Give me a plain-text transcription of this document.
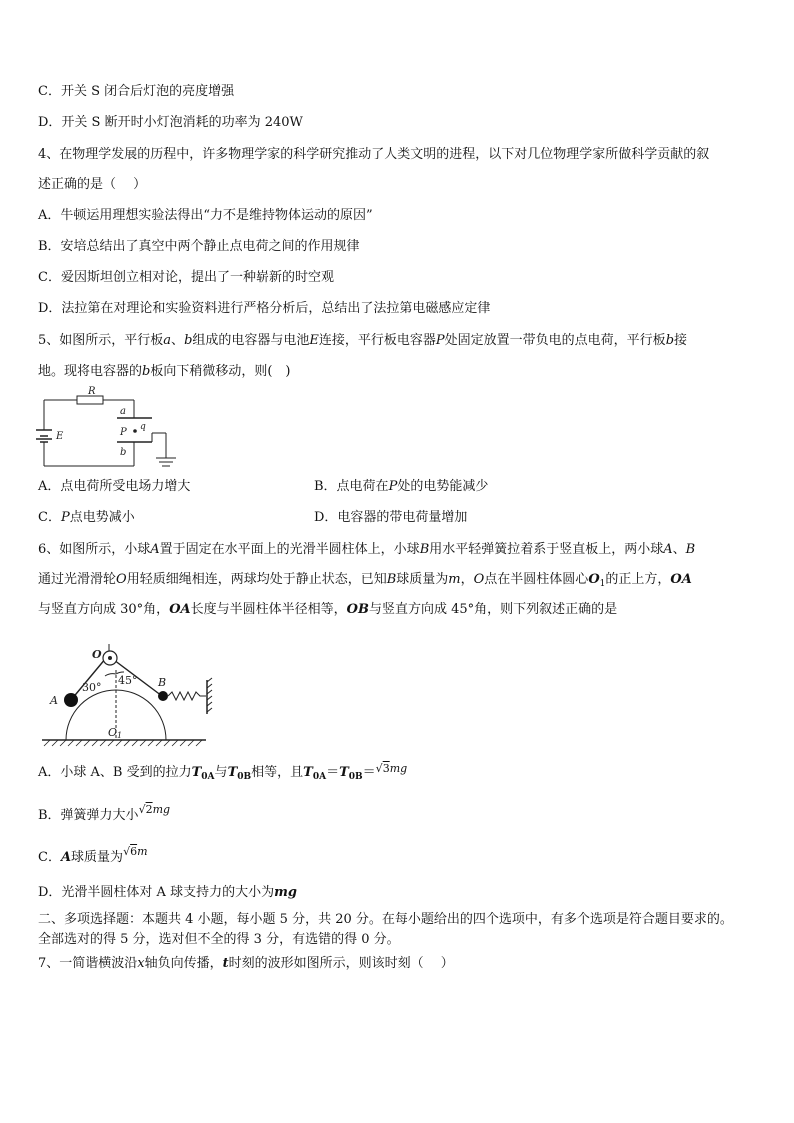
C．开关 S 闭合后灯泡的亮度增强
D．开关 S 断开时小灯泡消耗的功率为 240W
4、在物理学发展的历程中，许多物理学家的科学研究推动了人类文明的进程，以下对几位物理学家所做科学贡献的叙
述正确的是（　 ）
A．牛顿运用理想实验法得出“力不是维持物体运动的原因”
B．安培总结出了真空中两个静止点电荷之间的作用规律
C．爱因斯坦创立相对论，提出了一种崭新的时空观
D．法拉第在对理论和实验资料进行严格分析后，总结出了法拉第电磁感应定律
5、如图所示，平行板a、b组成的电容器与电池E连接，平行板电容器P处固定放置一带负电的点电荷，平行板b接
地。现将电容器的b板向下稍微移动，则(　)
R
a
P q
E
b
A．点电荷所受电场力增大	B．点电荷在P处的电势能减少
C．P点电势减小	D．电容器的带电荷量增加
6、如图所示，小球A置于固定在水平面上的光滑半圆柱体上，小球B用水平轻弹簧拉着系于竖直板上，两小球A、B
通过光滑滑轮O用轻质细绳相连，两球均处于静止状态，已知B球质量为m，O点在半圆柱体圆心$O_1$的正上方，OA
与竖直方向成 30°角，OA长度与半圆柱体半径相等，OB与竖直方向成 45°角，则下列叙述正确的是
O
30°
45°
A
B
O1
A．小球 A、B 受到的拉力$T_{0A}$与$T_{0B}$相等，且$T_{0A}=T_{0B}=^{√3mg}$
B．弹簧弹力大小$^{√2mg}$
C．A球质量为$^{√6m}$
D．光滑半圆柱体对 A 球支持力的大小为mg
二、多项选择题：本题共 4 小题，每小题 5 分，共 20 分。在每小题给出的四个选项中，有多个选项是符合题目要求的。
全部选对的得 5 分，选对但不全的得 3 分，有选错的得 0 分。
7、一简谐横波沿x轴负向传播，t时刻的波形如图所示，则该时刻（　 ）
